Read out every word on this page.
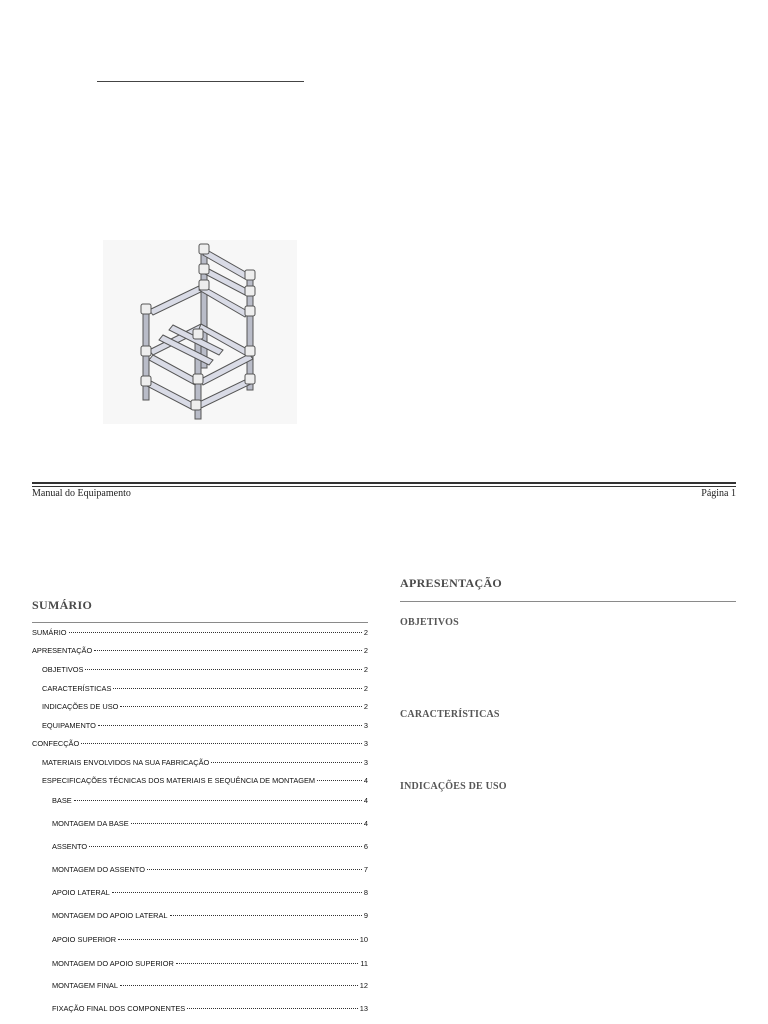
Manual do Equipamento	Página 1
SUMÁRIO
SUMÁRIO	2
APRESENTAÇÃO	2
OBJETIVOS	2
CARACTERÍSTICAS	2
INDICAÇÕES DE USO	2
EQUIPAMENTO	3
CONFECÇÃO	3
MATERIAIS ENVOLVIDOS NA SUA FABRICAÇÃO	3
ESPECIFICAÇÕES TÉCNICAS DOS MATERIAIS E SEQUÊNCIA DE MONTAGEM	4
BASE	4
MONTAGEM DA BASE	4
ASSENTO	6
MONTAGEM DO ASSENTO	7
APOIO LATERAL	8
MONTAGEM DO APOIO LATERAL	9
APOIO SUPERIOR	10
MONTAGEM DO APOIO SUPERIOR	11
MONTAGEM FINAL	12
FIXAÇÃO FINAL DOS COMPONENTES	13
APRESENTAÇÃO
OBJETIVOS
CARACTERÍSTICAS
INDICAÇÕES DE USO
